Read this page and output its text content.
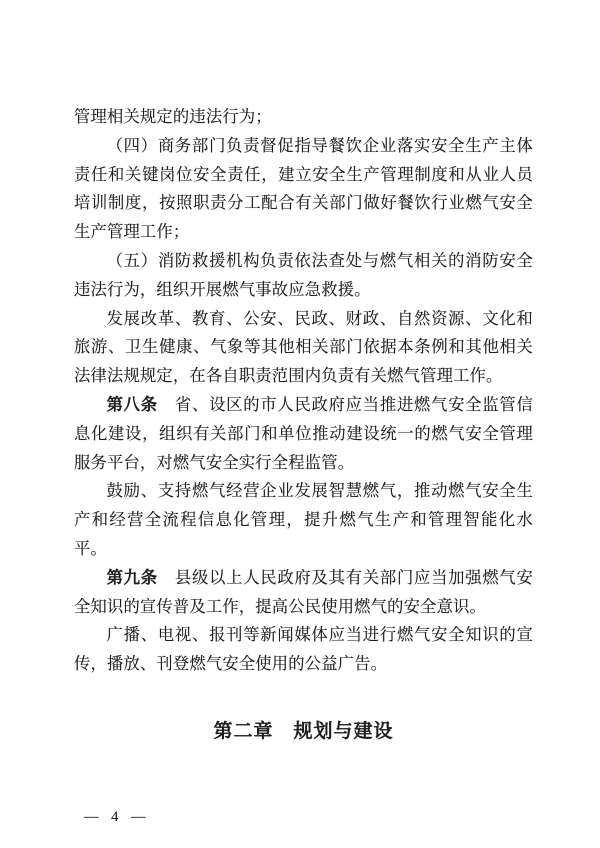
管理相关规定的违法行为；

（四）商务部门负责督促指导餐饮企业落实安全生产主体责任和关键岗位安全责任，建立安全生产管理制度和从业人员培训制度，按照职责分工配合有关部门做好餐饮行业燃气安全生产管理工作；

（五）消防救援机构负责依法查处与燃气相关的消防安全违法行为，组织开展燃气事故应急救援。

发展改革、教育、公安、民政、财政、自然资源、文化和旅游、卫生健康、气象等其他相关部门依据本条例和其他相关法律法规规定，在各自职责范围内负责有关燃气管理工作。

第八条　省、设区的市人民政府应当推进燃气安全监管信息化建设，组织有关部门和单位推动建设统一的燃气安全管理服务平台，对燃气安全实行全程监管。

鼓励、支持燃气经营企业发展智慧燃气，推动燃气安全生产和经营全流程信息化管理，提升燃气生产和管理智能化水平。

第九条　县级以上人民政府及其有关部门应当加强燃气安全知识的宣传普及工作，提高公民使用燃气的安全意识。

广播、电视、报刊等新闻媒体应当进行燃气安全知识的宣传，播放、刊登燃气安全使用的公益广告。

第二章　规划与建设
— 4 —
